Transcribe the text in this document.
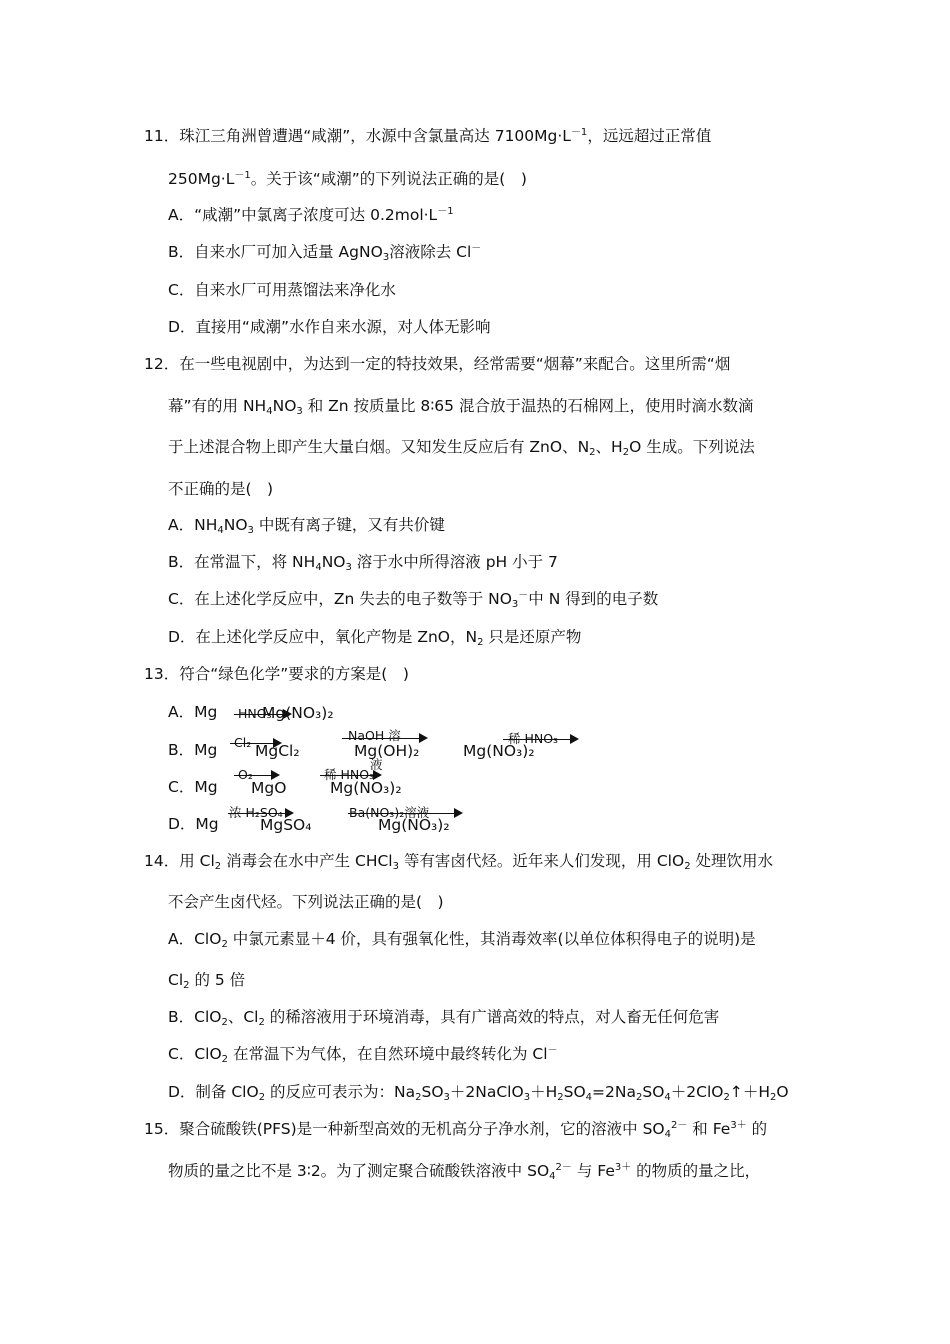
11．珠江三角洲曾遭遇“咸潮”，水源中含氯量高达 $7100Mg\cdot L^{-1}$，远远超过正常值
$250Mg\cdot L^{-1}$。关于该“咸潮”的下列说法正确的是(　)
A．“咸潮”中氯离子浓度可达 $0.2mol\cdot L^{-1}$
B．自来水厂可加入适量 AgNO$_3$溶液除去 Cl－
C．自来水厂可用蒸馏法来净化水
D．直接用“咸潮”水作自来水源，对人体无影响
12．在一些电视剧中，为达到一定的特技效果，经常需要“烟幕”来配合。这里所需“烟
幕”有的用 $NH_4NO_3$ 和 Zn 按质量比 8∶65 混合放于温热的石棉网上，使用时滴水数滴
于上述混合物上即产生大量白烟。又知发生反应后有 ZnO、$N_2$、$H_2O$ 生成。下列说法
不正确的是(　)
A．$NH_4NO_3$ 中既有离子键，又有共价键
B．在常温下，将 $NH_4NO_3$ 溶于水中所得溶液 pH 小于 7
C．在上述化学反应中，Zn 失去的电子数等于 $NO_3^-$中 N 得到的电子数
D．在上述化学反应中，氧化产物是 ZnO，$N_2$ 只是还原产物
13．符合“绿色化学”要求的方案是(　)
A．Mg →
HNO₃
Mg(NO₃)₂
B．Mg →
Cl₂ MgCl₂
NaOH 溶
液
Mg(OH)₂
稀 HNO₃
Mg(NO₃)₂
C．Mg
O₂
MgO
稀 HNO₃
Mg(NO₃)₂
D．Mg
浓 H₂SO₄
MgSO₄
Ba(NO₃)₂溶液
Mg(NO₃)₂
14．用 $Cl_2$ 消毒会在水中产生 CHCl$_3$ 等有害卤代烃。近年来人们发现，用 ClO$_2$ 处理饮用水
不会产生卤代烃。下列说法正确的是(　)
A．ClO$_2$ 中氯元素显＋4 价，具有强氧化性，其消毒效率(以单位体积得电子的说明)是
$Cl_2$ 的 5 倍
B．ClO$_2$、$Cl_2$ 的稀溶液用于环境消毒，具有广谱高效的特点，对人畜无任何危害
C．ClO$_2$ 在常温下为气体，在自然环境中最终转化为 Cl－
D．制备 ClO$_2$ 的反应可表示为：$Na_2SO_3+2NaClO_3+H_2SO_4=2Na_2SO_4+2ClO_2↑+H_2O$
15．聚合硫酸铁(PFS)是一种新型高效的无机高分子净水剂，它的溶液中 $SO_4^{2-}$ 和 $Fe^{3+}$ 的
物质的量之比不是 3∶2。为了测定聚合硫酸铁溶液中 $SO_4^{2-}$ 与 $Fe^{3+}$ 的物质的量之比，
